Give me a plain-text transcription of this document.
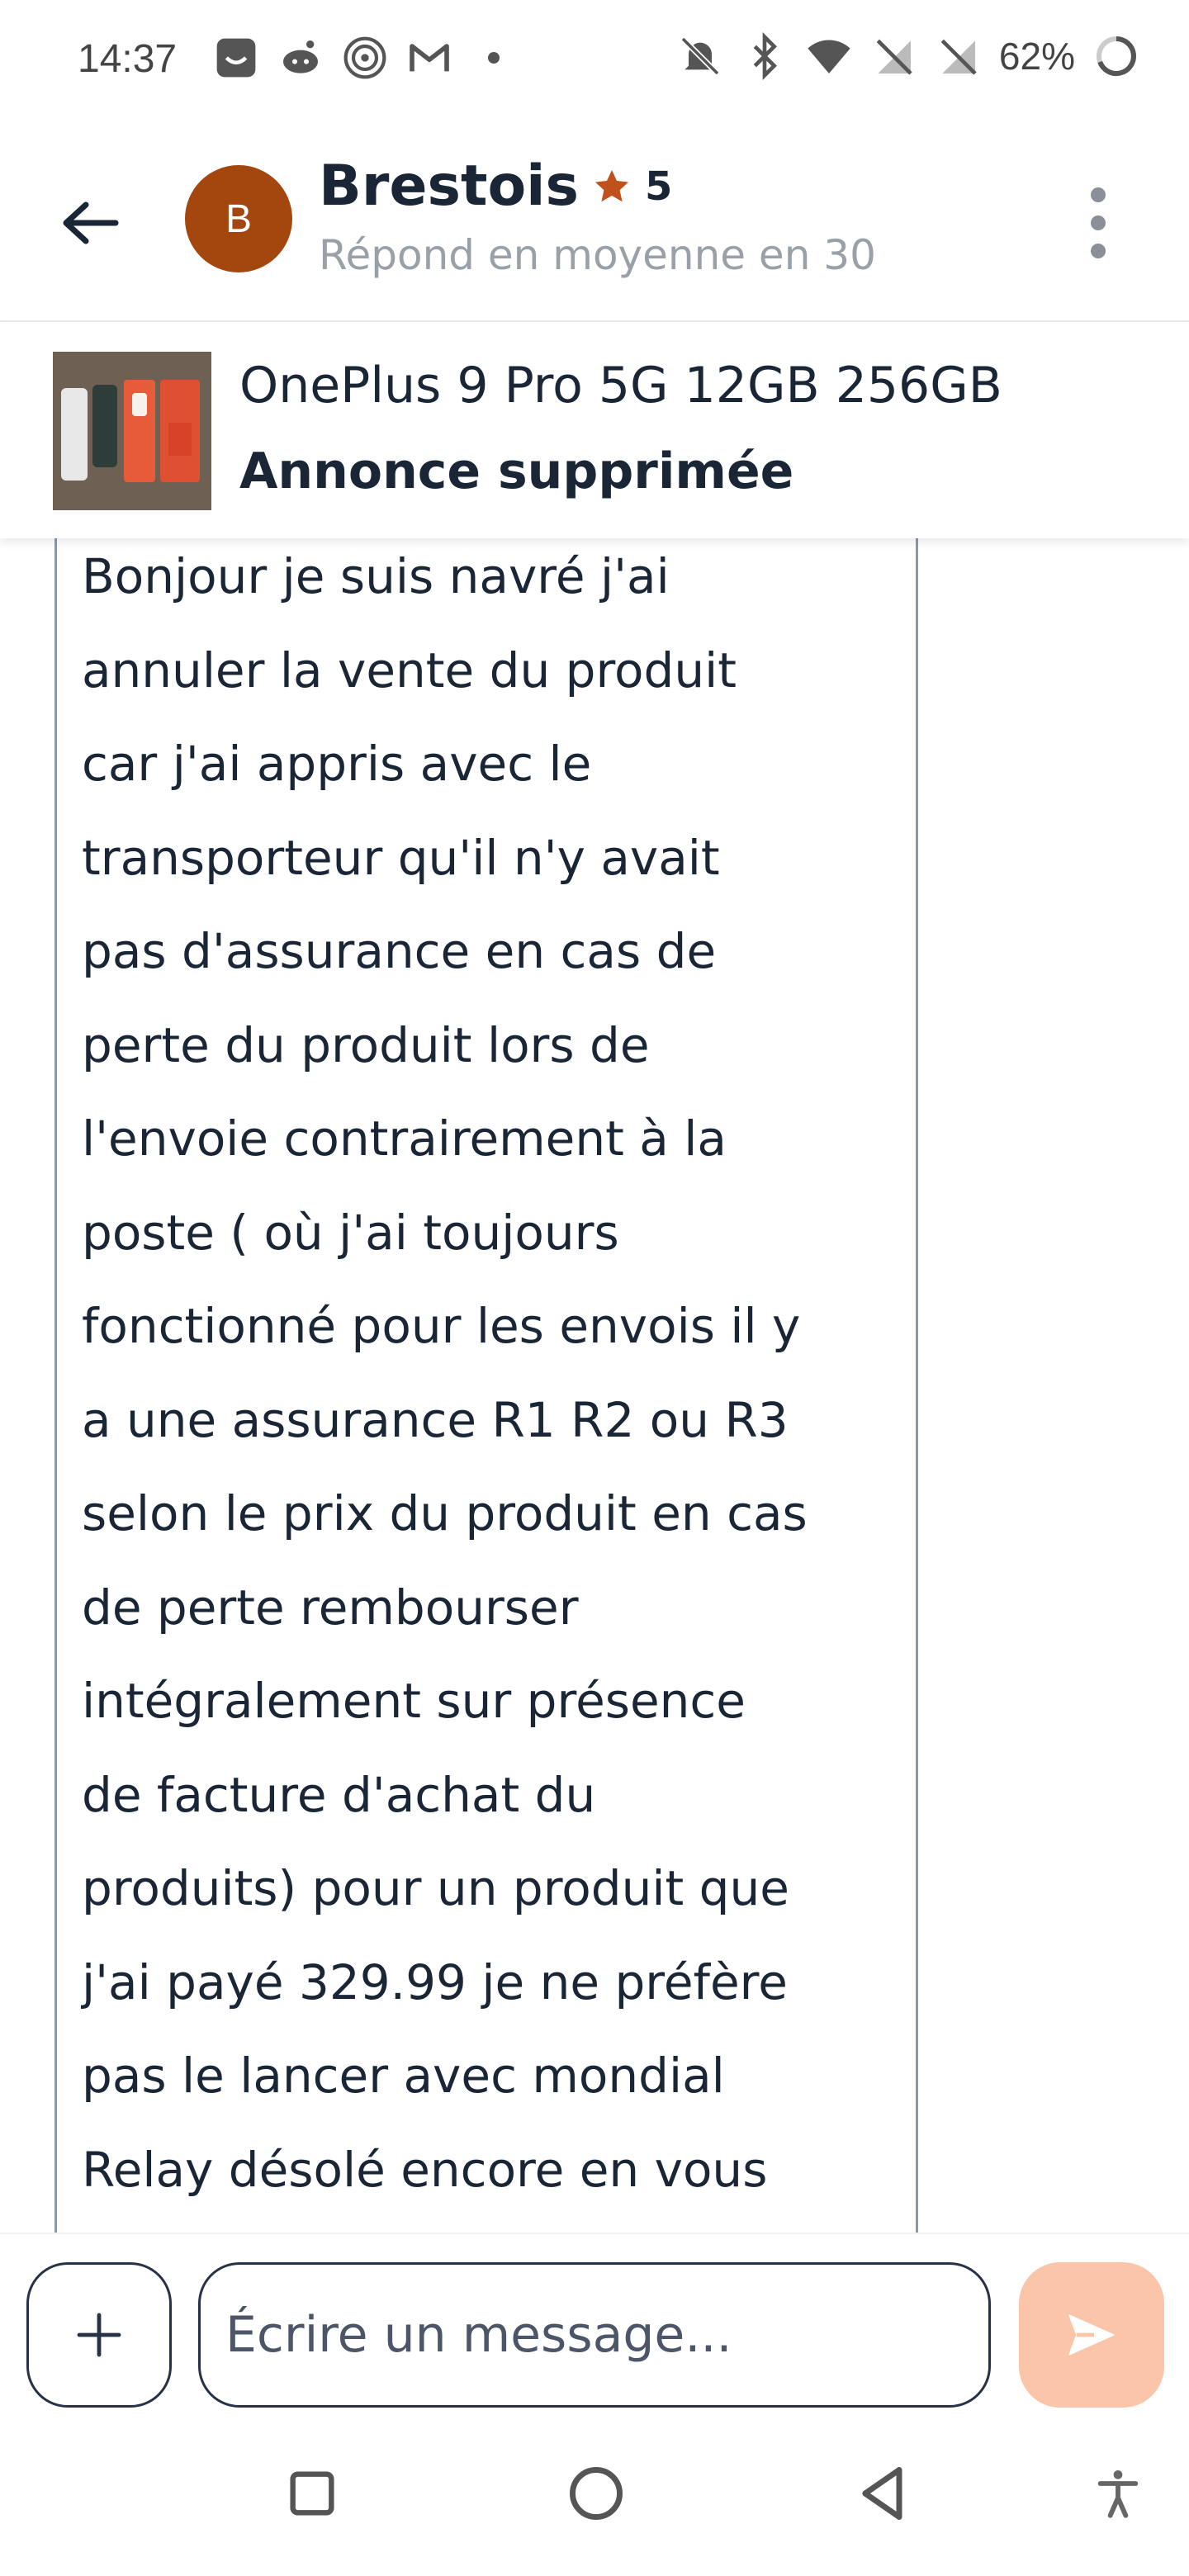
14:37	62%
B	Brestois 5
Répond en moyenne en 30
OnePlus 9 Pro 5G 12GB 256GB
Annonce supprimée
Bonjour je suis navré j'ai
annuler la vente du produit
car j'ai appris avec le
transporteur qu'il n'y avait
pas d'assurance en cas de
perte du produit lors de
l'envoie contrairement à la
poste ( où j'ai toujours
fonctionné pour les envois il y
a une assurance R1 R2 ou R3
selon le prix du produit en cas
de perte rembourser
intégralement sur présence
de facture d'achat du
produits) pour un produit que
j'ai payé 329.99 je ne préfère
pas le lancer avec mondial
Relay désolé encore en vous

Écrire un message...
